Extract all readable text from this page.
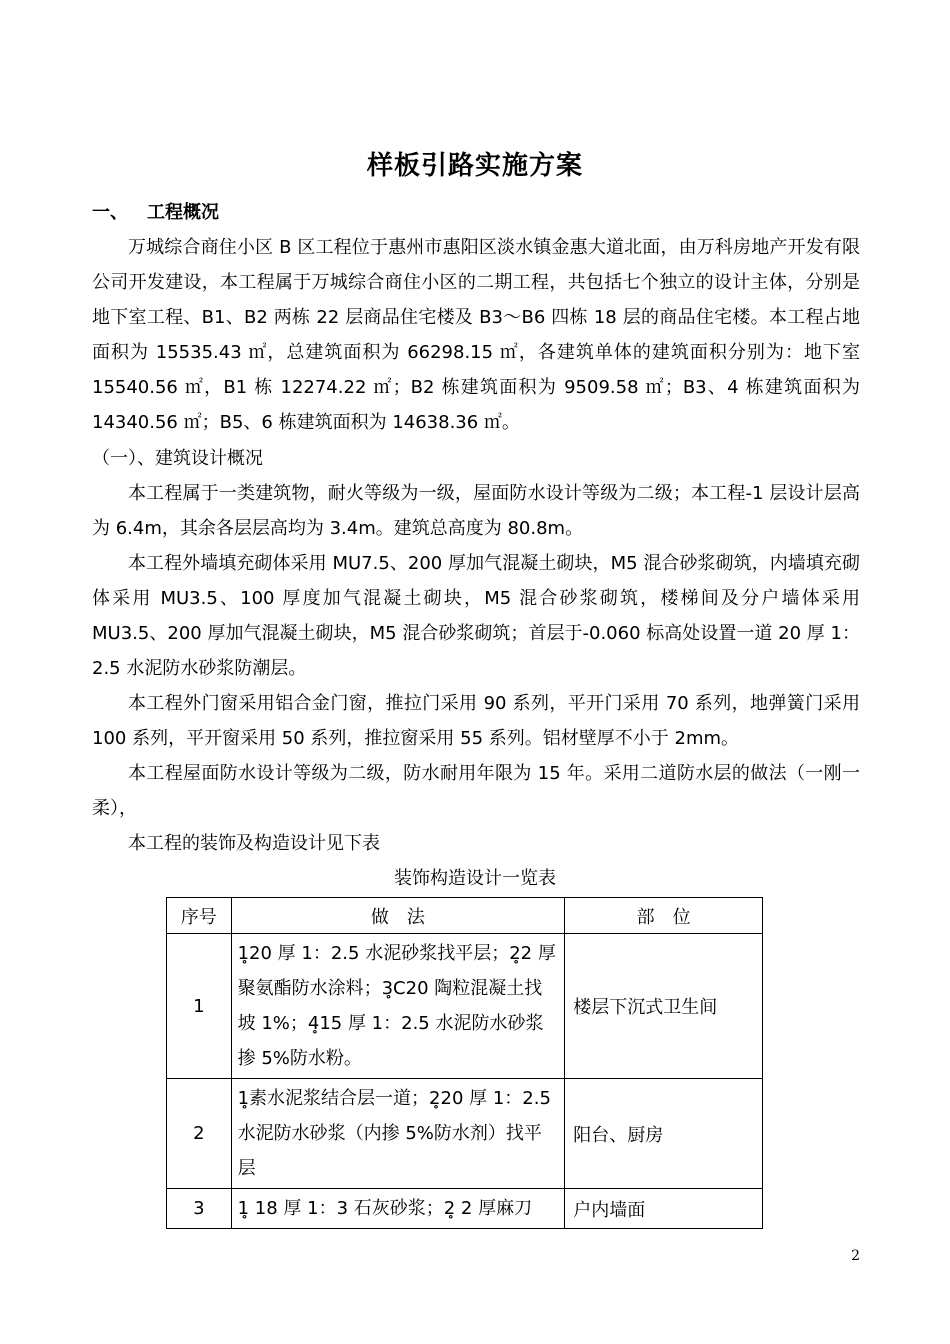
样板引路实施方案
一、 工程概况
万城综合商住小区 B 区工程位于惠州市惠阳区淡水镇金惠大道北面，由万科房地产开发有限公司开发建设，本工程属于万城综合商住小区的二期工程，共包括七个独立的设计主体，分别是地下室工程、B1、B2 两栋 22 层商品住宅楼及 B3～B6 四栋 18 层的商品住宅楼。本工程占地面积为 15535.43 ㎡，总建筑面积为 66298.15 ㎡，各建筑单体的建筑面积分别为：地下室 15540.56 ㎡，B1 栋 12274.22 ㎡；B2 栋建筑面积为 9509.58 ㎡；B3、4 栋建筑面积为 14340.56 ㎡；B5、6 栋建筑面积为 14638.36 ㎡。
（一）、建筑设计概况
本工程属于一类建筑物，耐火等级为一级，屋面防水设计等级为二级；本工程-1 层设计层高为 6.4m，其余各层层高均为 3.4m。建筑总高度为 80.8m。
本工程外墙填充砌体采用 MU7.5、200 厚加气混凝土砌块，M5 混合砂浆砌筑，内墙填充砌体采用 MU3.5、100 厚度加气混凝土砌块，M5 混合砂浆砌筑，楼梯间及分户墙体采用 MU3.5、200 厚加气混凝土砌块，M5 混合砂浆砌筑；首层于-0.060 标高处设置一道 20 厚 1：2.5 水泥防水砂浆防潮层。
本工程外门窗采用铝合金门窗，推拉门采用 90 系列，平开门采用 70 系列，地弹簧门采用 100 系列，平开窗采用 50 系列，推拉窗采用 55 系列。铝材壁厚不小于 2mm。
本工程屋面防水设计等级为二级，防水耐用年限为 15 年。采用二道防水层的做法（一刚一柔），
本工程的装饰及构造设计见下表
装饰构造设计一览表
序号	做　法	部　位
1	1̥20 厚 1：2.5 水泥砂浆找平层；2̥2 厚聚氨酯防水涂料；3̥C20 陶粒混凝土找坡 1%；4̥15 厚 1：2.5 水泥防水砂浆掺 5%防水粉。	楼层下沉式卫生间
2	1̥素水泥浆结合层一道；2̥20 厚 1：2.5 水泥防水砂浆（内掺 5%防水剂）找平层	阳台、厨房
3	1̥ 18 厚 1：3 石灰砂浆；2̥ 2 厚麻刀	户内墙面
2
